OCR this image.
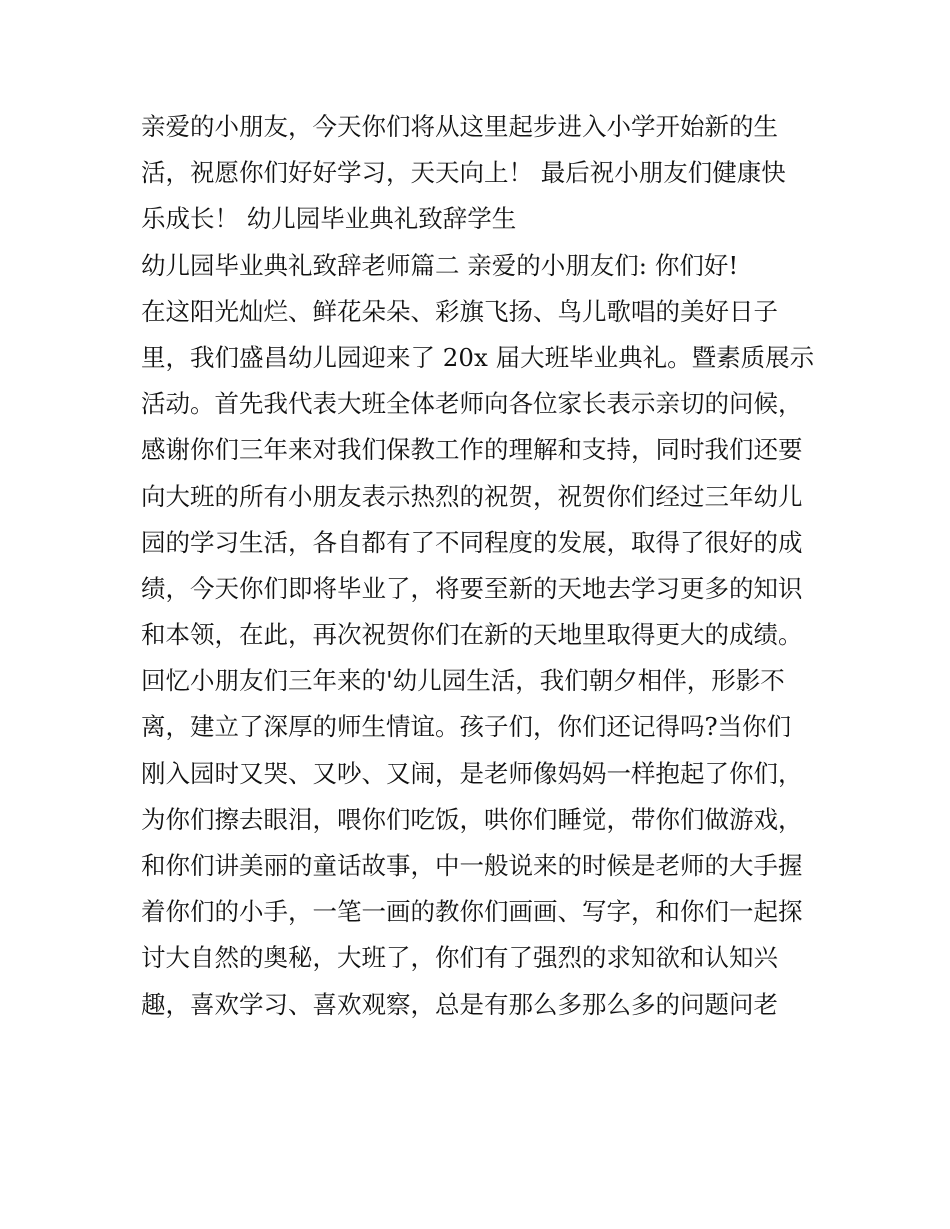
亲爱的小朋友，今天你们将从这里起步进入小学开始新的生
活，祝愿你们好好学习，天天向上！ 最后祝小朋友们健康快
乐成长！ 幼儿园毕业典礼致辞学生
幼儿园毕业典礼致辞老师篇二 亲爱的小朋友们: 你们好!
在这阳光灿烂、鲜花朵朵、彩旗飞扬、鸟儿歌唱的美好日子
里，我们盛昌幼儿园迎来了 20x 届大班毕业典礼。暨素质展示
活动。首先我代表大班全体老师向各位家长表示亲切的问候，
感谢你们三年来对我们保教工作的理解和支持，同时我们还要
向大班的所有小朋友表示热烈的祝贺，祝贺你们经过三年幼儿
园的学习生活，各自都有了不同程度的发展，取得了很好的成
绩，今天你们即将毕业了，将要至新的天地去学习更多的知识
和本领，在此，再次祝贺你们在新的天地里取得更大的成绩。
回忆小朋友们三年来的'幼儿园生活，我们朝夕相伴，形影不
离，建立了深厚的师生情谊。孩子们，你们还记得吗?当你们
刚入园时又哭、又吵、又闹，是老师像妈妈一样抱起了你们，
为你们擦去眼泪，喂你们吃饭，哄你们睡觉，带你们做游戏，
和你们讲美丽的童话故事，中一般说来的时候是老师的大手握
着你们的小手，一笔一画的教你们画画、写字，和你们一起探
讨大自然的奥秘，大班了，你们有了强烈的求知欲和认知兴
趣，喜欢学习、喜欢观察，总是有那么多那么多的问题问老
